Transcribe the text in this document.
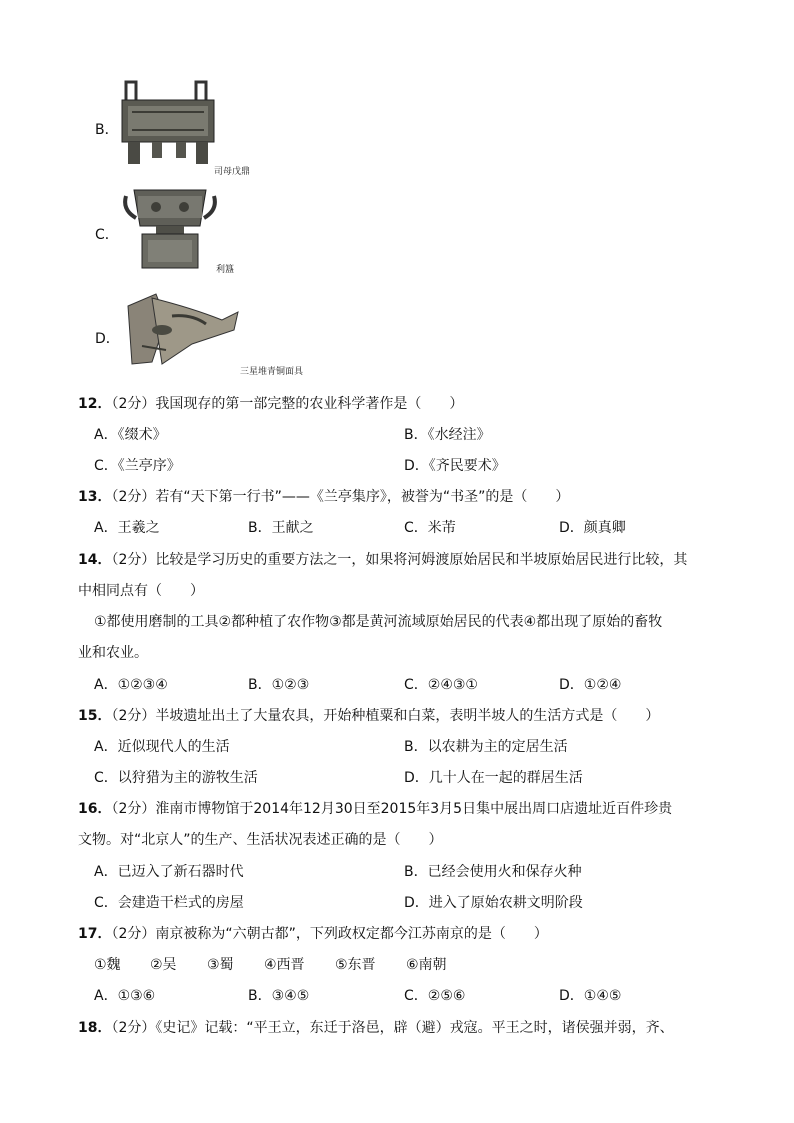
B．
司母戊鼎
C．
利簋
D．
三星堆青铜面具
12．（2分）我国现存的第一部完整的农业科学著作是（　　）
A．《缀术》	B．《水经注》
C．《兰亭序》	D．《齐民要术》
13．（2分）若有“天下第一行书”——《兰亭集序》，被誉为“书圣”的是（　　）
A．王羲之	B．王献之	C．米芾	D．颜真卿
14．（2分）比较是学习历史的重要方法之一，如果将河姆渡原始居民和半坡原始居民进行比较，其
中相同点有（　　）
①都使用磨制的工具②都种植了农作物③都是黄河流域原始居民的代表④都出现了原始的畜牧
业和农业。
A．①②③④	B．①②③	C．②④③①	D．①②④
15．（2分）半坡遗址出土了大量农具，开始种植粟和白菜，表明半坡人的生活方式是（　　）
A．近似现代人的生活	B．以农耕为主的定居生活
C．以狩猎为主的游牧生活	D．几十人在一起的群居生活
16．（2分）淮南市博物馆于2014年12月30日至2015年3月5日集中展出周口店遗址近百件珍贵
文物。对“北京人”的生产、生活状况表述正确的是（　　）
A．已迈入了新石器时代	B．已经会使用火和保存火种
C．会建造干栏式的房屋	D．进入了原始农耕文明阶段
17．（2分）南京被称为“六朝古都”，下列政权定都今江苏南京的是（　　）
①魏 ②吴 ③蜀 ④西晋 ⑤东晋 ⑥南朝
A．①③⑥	B．③④⑤	C．②⑤⑥	D．①④⑤
18．（2分）《史记》记载：“平王立，东迁于洛邑，辟（避）戎寇。平王之时，诸侯强并弱，齐、
